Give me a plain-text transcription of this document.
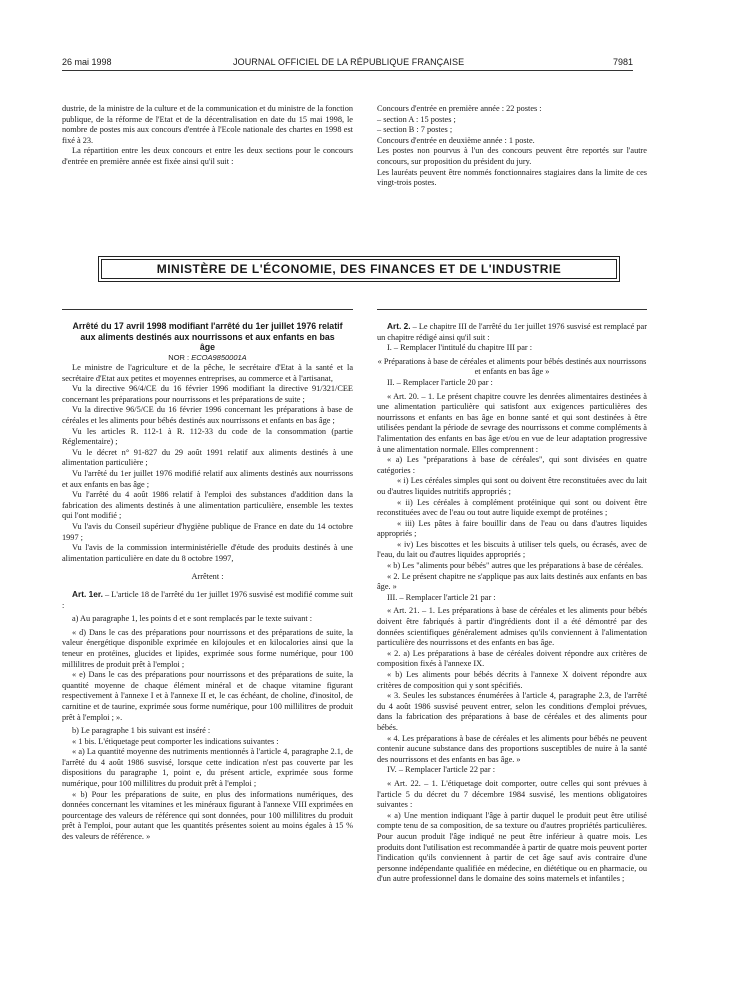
26 mai 1998	JOURNAL OFFICIEL DE LA RÉPUBLIQUE FRANÇAISE	7981

dustrie, de la ministre de la culture et de la communication et du ministre de la fonction publique, de la réforme de l'Etat et de la décentralisation en date du 15 mai 1998, le nombre de postes mis aux concours d'entrée à l'Ecole nationale des chartes en 1998 est fixé à 23.

La répartition entre les deux concours et entre les deux sections pour le concours d'entrée en première année est fixée ainsi qu'il suit :

Concours d'entrée en première année : 22 postes :

– section A : 15 postes ;

– section B : 7 postes ;

Concours d'entrée en deuxième année : 1 poste.

Les postes non pourvus à l'un des concours peuvent être reportés sur l'autre concours, sur proposition du président du jury.

Les lauréats peuvent être nommés fonctionnaires stagiaires dans la limite de ces vingt-trois postes.

MINISTÈRE DE L'ÉCONOMIE, DES FINANCES ET DE L'INDUSTRIE

Arrêté du 17 avril 1998 modifiant l'arrêté du 1er juillet 1976 relatif aux aliments destinés aux nourrissons et aux enfants en bas âge

NOR : ECOA9850001A

Le ministre de l'agriculture et de la pêche, le secrétaire d'Etat à la santé et la secrétaire d'Etat aux petites et moyennes entreprises, au commerce et à l'artisanat,

Vu la directive 96/4/CE du 16 février 1996 modifiant la directive 91/321/CEE concernant les préparations pour nourrissons et les préparations de suite ;

Vu la directive 96/5/CE du 16 février 1996 concernant les préparations à base de céréales et les aliments pour bébés destinés aux nourrissons et enfants en bas âge ;

Vu les articles R. 112-1 à R. 112-33 du code de la consommation (partie Réglementaire) ;

Vu le décret n° 91-827 du 29 août 1991 relatif aux aliments destinés à une alimentation particulière ;

Vu l'arrêté du 1er juillet 1976 modifié relatif aux aliments destinés aux nourrissons et aux enfants en bas âge ;

Vu l'arrêté du 4 août 1986 relatif à l'emploi des substances d'addition dans la fabrication des aliments destinés à une alimentation particulière, ensemble les textes qui l'ont modifié ;

Vu l'avis du Conseil supérieur d'hygiène publique de France en date du 14 octobre 1997 ;

Vu l'avis de la commission interministérielle d'étude des produits destinés à une alimentation particulière en date du 8 octobre 1997,

Arrêtent :

Art. 1er. – L'article 18 de l'arrêté du 1er juillet 1976 susvisé est modifié comme suit :

a) Au paragraphe 1, les points d et e sont remplacés par le texte suivant :

« d) Dans le cas des préparations pour nourrissons et des préparations de suite, la valeur énergétique disponible exprimée en kilojoules et en kilocalories ainsi que la teneur en protéines, glucides et lipides, exprimée sous forme numérique, pour 100 millilitres de produit prêt à l'emploi ;

« e) Dans le cas des préparations pour nourrissons et des préparations de suite, la quantité moyenne de chaque élément minéral et de chaque vitamine figurant respectivement à l'annexe I et à l'annexe II et, le cas échéant, de choline, d'inositol, de carnitine et de taurine, exprimée sous forme numérique, pour 100 millilitres de produit prêt à l'emploi ; ».

b) Le paragraphe 1 bis suivant est inséré :

« 1 bis. L'étiquetage peut comporter les indications suivantes :

« a) La quantité moyenne des nutriments mentionnés à l'article 4, paragraphe 2.1, de l'arrêté du 4 août 1986 susvisé, lorsque cette indication n'est pas couverte par les dispositions du paragraphe 1, point e, du présent article, exprimée sous forme numérique, pour 100 millilitres du produit prêt à l'emploi ;

« b) Pour les préparations de suite, en plus des informations numériques, des données concernant les vitamines et les minéraux figurant à l'annexe VIII exprimées en pourcentage des valeurs de référence qui sont données, pour 100 millilitres du produit prêt à l'emploi, pour autant que les quantités présentes soient au moins égales à 15 % des valeurs de référence. »

Art. 2. – Le chapitre III de l'arrêté du 1er juillet 1976 susvisé est remplacé par un chapitre rédigé ainsi qu'il suit :

I. – Remplacer l'intitulé du chapitre III par :

« Préparations à base de céréales et aliments pour bébés destinés aux nourrissons et enfants en bas âge »

II. – Remplacer l'article 20 par :

« Art. 20. – 1. Le présent chapitre couvre les denrées alimentaires destinées à une alimentation particulière qui satisfont aux exigences particulières des nourrissons et enfants en bas âge en bonne santé et qui sont destinées à être utilisées pendant la période de sevrage des nourrissons et comme compléments à l'alimentation des enfants en bas âge et/ou en vue de leur adaptation progressive à une alimentation normale. Elles comprennent :

« a) Les "préparations à base de céréales", qui sont divisées en quatre catégories :

« i) Les céréales simples qui sont ou doivent être reconstituées avec du lait ou d'autres liquides nutritifs appropriés ;

« ii) Les céréales à complément protéinique qui sont ou doivent être reconstituées avec de l'eau ou tout autre liquide exempt de protéines ;

« iii) Les pâtes à faire bouillir dans de l'eau ou dans d'autres liquides appropriés ;

« iv) Les biscottes et les biscuits à utiliser tels quels, ou écrasés, avec de l'eau, du lait ou d'autres liquides appropriés ;

« b) Les "aliments pour bébés" autres que les préparations à base de céréales.

« 2. Le présent chapitre ne s'applique pas aux laits destinés aux enfants en bas âge. »

III. – Remplacer l'article 21 par :

« Art. 21. – 1. Les préparations à base de céréales et les aliments pour bébés doivent être fabriqués à partir d'ingrédients dont il a été démontré par des données scientifiques généralement admises qu'ils conviennent à l'alimentation particulière des nourrissons et des enfants en bas âge.

« 2. a) Les préparations à base de céréales doivent répondre aux critères de composition fixés à l'annexe IX.

« b) Les aliments pour bébés décrits à l'annexe X doivent répondre aux critères de composition qui y sont spécifiés.

« 3. Seules les substances énumérées à l'article 4, paragraphe 2.3, de l'arrêté du 4 août 1986 susvisé peuvent entrer, selon les conditions d'emploi prévues, dans la fabrication des préparations à base de céréales et des aliments pour bébés.

« 4. Les préparations à base de céréales et les aliments pour bébés ne peuvent contenir aucune substance dans des proportions susceptibles de nuire à la santé des nourrissons et des enfants en bas âge. »

IV. – Remplacer l'article 22 par :

« Art. 22. – 1. L'étiquetage doit comporter, outre celles qui sont prévues à l'article 5 du décret du 7 décembre 1984 susvisé, les mentions obligatoires suivantes :

« a) Une mention indiquant l'âge à partir duquel le produit peut être utilisé compte tenu de sa composition, de sa texture ou d'autres propriétés particulières. Pour aucun produit l'âge indiqué ne peut être inférieur à quatre mois. Les produits dont l'utilisation est recommandée à partir de quatre mois peuvent porter l'indication qu'ils conviennent à partir de cet âge sauf avis contraire d'une personne indépendante qualifiée en médecine, en diététique ou en pharmacie, ou d'un autre professionnel dans le domaine des soins maternels et infantiles ;
